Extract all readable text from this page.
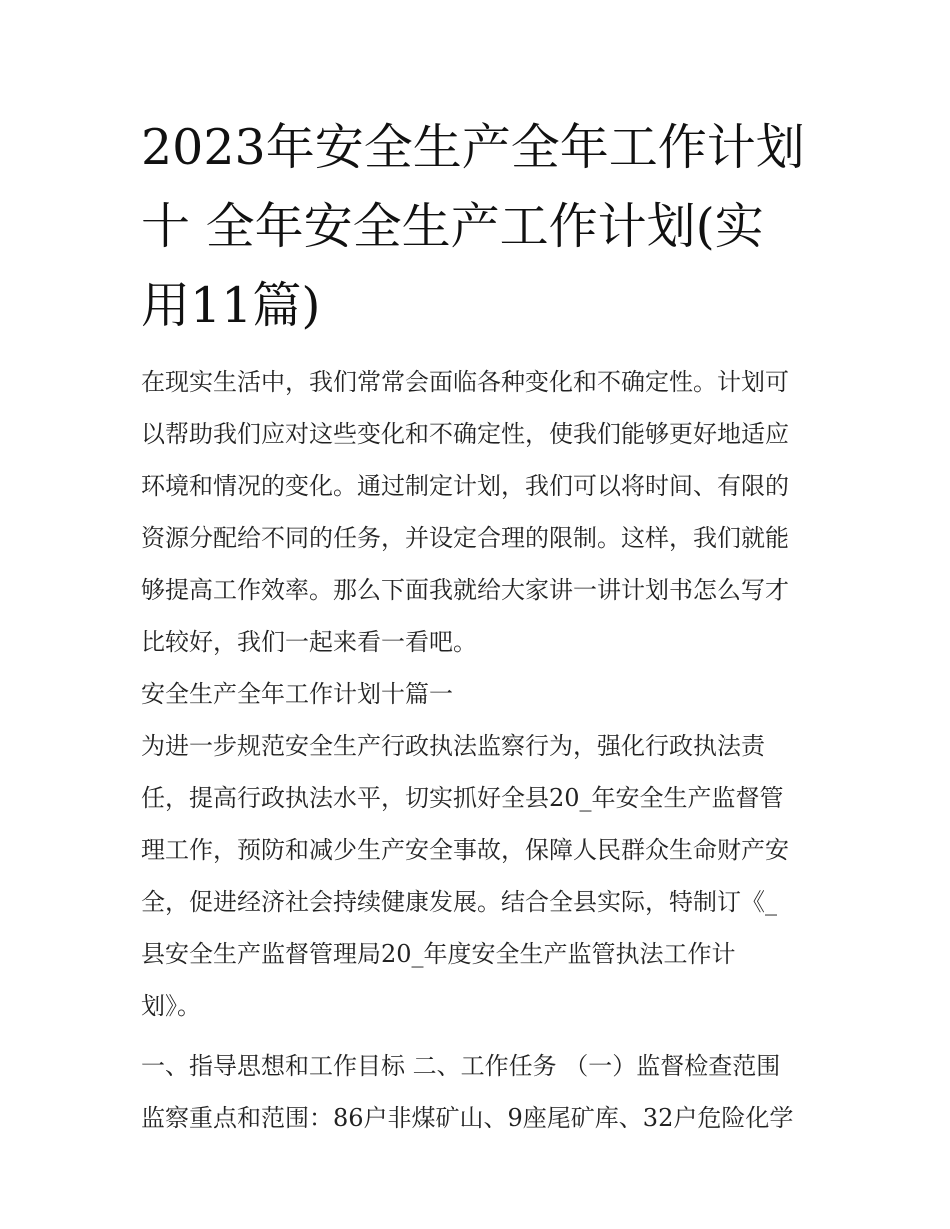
2023年安全生产全年工作计划
十 全年安全生产工作计划(实
用11篇)
在现实生活中，我们常常会面临各种变化和不确定性。计划可
以帮助我们应对这些变化和不确定性，使我们能够更好地适应
环境和情况的变化。通过制定计划，我们可以将时间、有限的
资源分配给不同的任务，并设定合理的限制。这样，我们就能
够提高工作效率。那么下面我就给大家讲一讲计划书怎么写才
比较好，我们一起来看一看吧。
安全生产全年工作计划十篇一
为进一步规范安全生产行政执法监察行为，强化行政执法责
任，提高行政执法水平，切实抓好全县20_年安全生产监督管
理工作，预防和减少生产安全事故，保障人民群众生命财产安
全，促进经济社会持续健康发展。结合全县实际，特制订《_
县安全生产监督管理局20_年度安全生产监管执法工作计
划》。
一、指导思想和工作目标 二、工作任务 （一）监督检查范围
监察重点和范围：86户非煤矿山、9座尾矿库、32户危险化学
